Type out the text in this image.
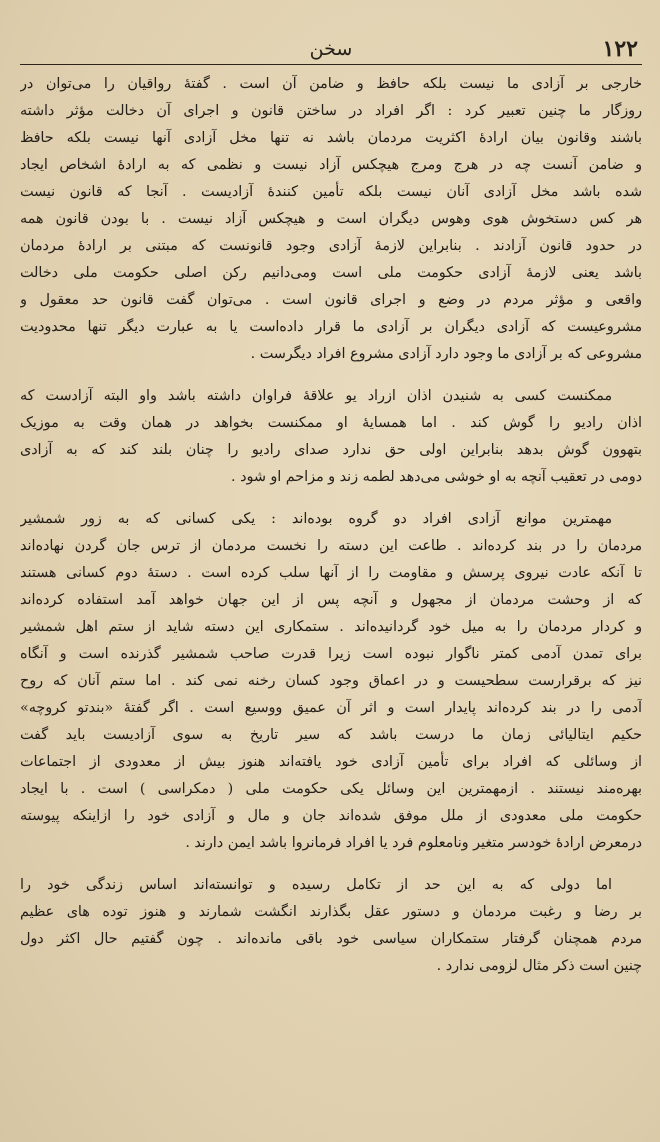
سخن	۱۲۲
خارجی بر آزادی ما نیست بلکه حافظ و ضامن آن است . گفتهٔ رواقیان را می‌توان در
روزگار ما چنین تعبیر کرد : اگر افراد در ساختن قانون و اجرای آن دخالت مؤثر داشته
باشند وقانون بیان ارادهٔ اکثریت مردمان باشد نه تنها مخل آزادی آنها نیست بلکه حافظ
و ضامن آنست چه در هرج ومرج هیچکس آزاد نیست و نظمی که به ارادهٔ اشخاص ایجاد
شده باشد مخل آزادی آنان نیست بلکه تأمین کنندهٔ آزادیست . آنجا که قانون نیست
هر کس دستخوش هوی وهوس دیگران است و هیچکس آزاد نیست . با بودن قانون همه
در حدود قانون آزادند . بنابراین لازمهٔ آزادی وجود قانونست که مبتنی بر ارادهٔ مردمان
باشد یعنی لازمهٔ آزادی حکومت ملی است ومی‌دانیم رکن اصلی حکومت ملی دخالت
واقعی و مؤثر مردم در وضع و اجرای قانون است . می‌توان گفت قانون حد معقول و
مشروعیست که آزادی دیگران بر آزادی ما قرار داده‌است یا به عبارت دیگر تنها محدودیت
مشروعی که بر آزادی ما وجود دارد آزادی مشروع افراد دیگرست .
ممکنست کسی به شنیدن اذان ازراد یو علاقهٔ فراوان داشته باشد واو البته آزادست که
اذان رادیو را گوش کند . اما همسایهٔ او ممکنست بخواهد در همان وقت به موزیک
بتهوون گوش بدهد بنابراین اولی حق ندارد صدای رادیو را چنان بلند کند که به آزادی
دومی در تعقیب آنچه به او خوشی می‌دهد لطمه زند و مزاحم او شود .
مهمترین موانع آزادی افراد دو گروه بوده‌اند : یکی کسانی که به زور شمشیر
مردمان را در بند کرده‌اند . طاعت این دسته را نخست مردمان از ترس جان گردن نهاده‌اند
تا آنکه عادت نیروی پرسش و مقاومت را از آنها سلب کرده است . دستهٔ دوم کسانی هستند
که از وحشت مردمان از مجهول و آنچه پس از این جهان خواهد آمد استفاده کرده‌اند
و کردار مردمان را به میل خود گردانیده‌اند . ستمکاری این دسته شاید از ستم اهل شمشیر
برای تمدن آدمی کمتر ناگوار نبوده است زیرا قدرت صاحب شمشیر گذرنده است و آنگاه
نیز که برقرارست سطحیست و در اعماق وجود کسان رخنه نمی کند . اما ستم آنان که روح
آدمی را در بند کرده‌اند پایدار است و اثر آن عمیق ووسیع است . اگر گفتهٔ «بندتو کروچه»
حکیم ایتالیائی زمان ما درست باشد که سیر تاریخ به سوی آزادیست باید گفت
از وسائلی که افراد برای تأمین آزادی خود یافته‌اند هنوز بیش از معدودی از اجتماعات
بهره‌مند نیستند . ازمهمترین این وسائل یکی حکومت ملی ( دمکراسی ) است . با ایجاد
حکومت ملی معدودی از ملل موفق شده‌اند جان و مال و آزادی خود را ازاینکه پیوسته
درمعرض ارادهٔ خودسر متغیر ونامعلوم فرد یا افراد فرمانروا باشد ایمن دارند .
اما دولی که به این حد از تکامل رسیده و توانسته‌اند اساس زندگی خود را
بر رضا و رغبت مردمان و دستور عقل بگذارند انگشت شمارند و هنوز توده های عظیم
مردم همچنان گرفتار ستمکاران سیاسی خود باقی مانده‌اند . چون گفتیم حال اکثر دول
چنین است ذکر مثال لزومی ندارد .
